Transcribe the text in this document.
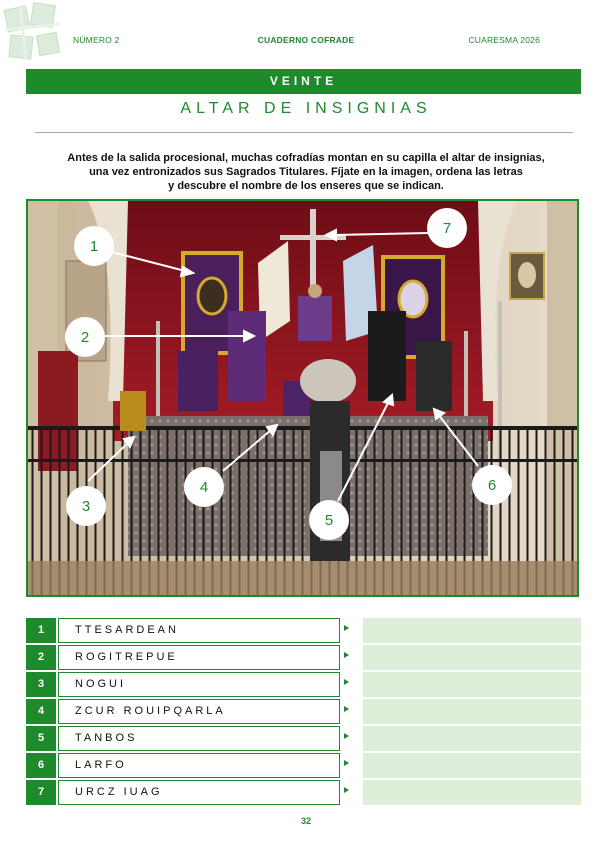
NÚMERO 2	CUADERNO COFRADE	CUARESMA 2026
VEINTE
ALTAR DE INSIGNIAS
Antes de la salida procesional, muchas cofradías montan en su capilla el altar de insignias,
una vez entronizados sus Sagrados Titulares. Fíjate en la imagen, ordena las letras
y descubre el nombre de los enseres que se indican.
1
2
3
4
5
6
7
1	TTESARDEAN
2	ROGITREPUE
3	NOGUI
4	ZCUR ROUIPQARLA
5	TANBOS
6	LARFO
7	URCZ IUAG
32
